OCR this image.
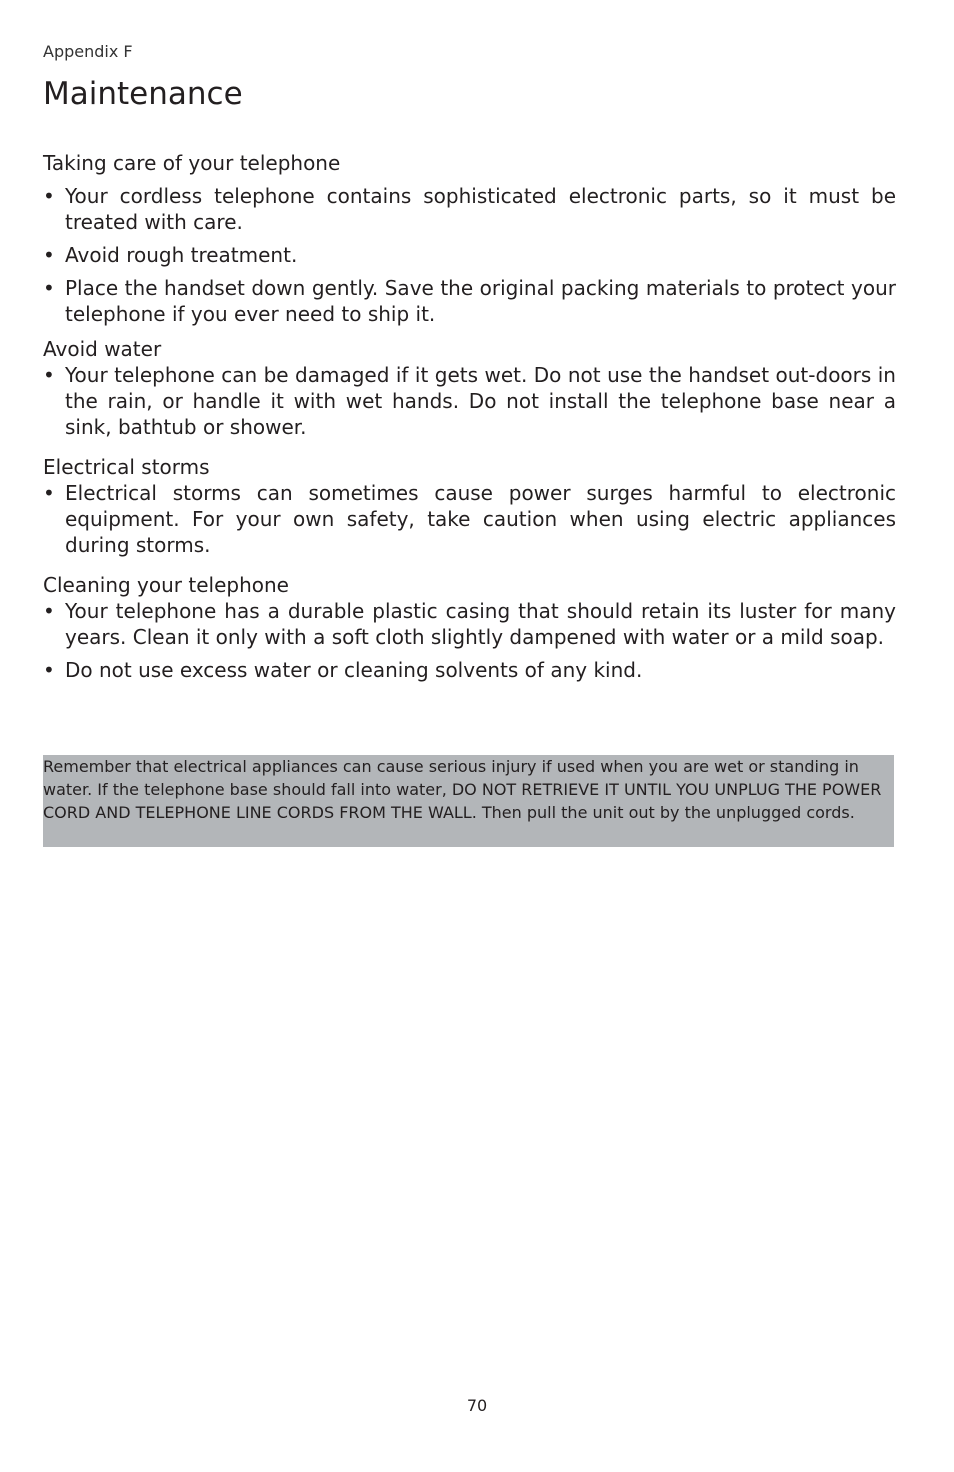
Appendix F
Maintenance

Taking care of your telephone

• Your cordless telephone contains sophisticated electronic parts, so it must be treated with care.
• Avoid rough treatment.
• Place the handset down gently. Save the original packing materials to protect your telephone if you ever need to ship it.

Avoid water

• Your telephone can be damaged if it gets wet. Do not use the handset out-doors in the rain, or handle it with wet hands. Do not install the telephone base near a sink, bathtub or shower.

Electrical storms

• Electrical storms can sometimes cause power surges harmful to electronic equipment. For your own safety, take caution when using electric appliances during storms.

Cleaning your telephone

• Your telephone has a durable plastic casing that should retain its luster for many years. Clean it only with a soft cloth slightly dampened with water or a mild soap.
• Do not use excess water or cleaning solvents of any kind.
Remember that electrical appliances can cause serious injury if used when you are wet or standing in water. If the telephone base should fall into water, DO NOT RETRIEVE IT UNTIL YOU UNPLUG THE POWER CORD AND TELEPHONE LINE CORDS FROM THE WALL. Then pull the unit out by the unplugged cords.
70
